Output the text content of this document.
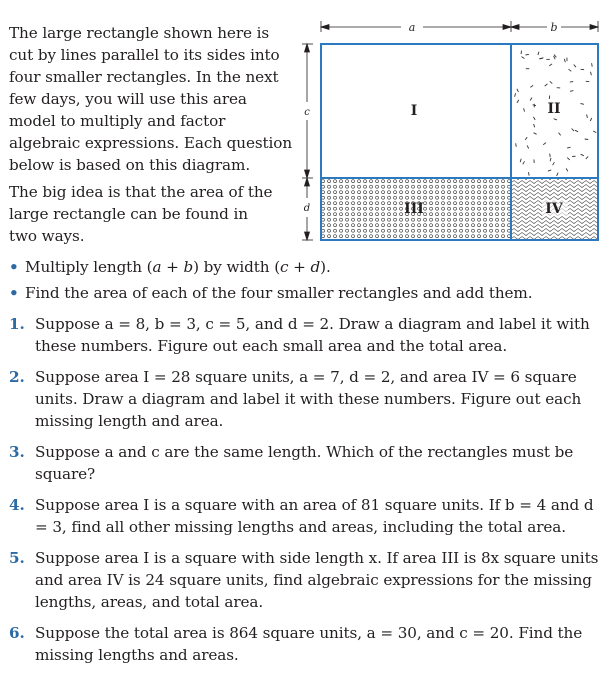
The large rectangle shown here is cut by lines parallel to its sides into four smaller rectangles. In the next few days, you will use this area model to multiply and factor algebraic expressions. Each question below is based on this diagram.

The big idea is that the area of the large rectangle can be found in two ways.

a	b
c
d
I	II
III	IV
• Multiply length (a + b) by width (c + d).
• Find the area of each of the four smaller rectangles and add them.
1. Suppose a = 8, b = 3, c = 5, and d = 2. Draw a diagram and label it with these numbers. Figure out each small area and the total area.
2. Suppose area I = 28 square units, a = 7, d = 2, and area IV = 6 square units. Draw a diagram and label it with these numbers. Figure out each missing length and area.
3. Suppose a and c are the same length. Which of the rectangles must be square?
4. Suppose area I is a square with an area of 81 square units. If b = 4 and d = 3, find all other missing lengths and areas, including the total area.
5. Suppose area I is a square with side length x. If area III is 8x square units and area IV is 24 square units, find algebraic expressions for the missing lengths, areas, and total area.
6. Suppose the total area is 864 square units, a = 30, and c = 20. Find the missing lengths and areas.
